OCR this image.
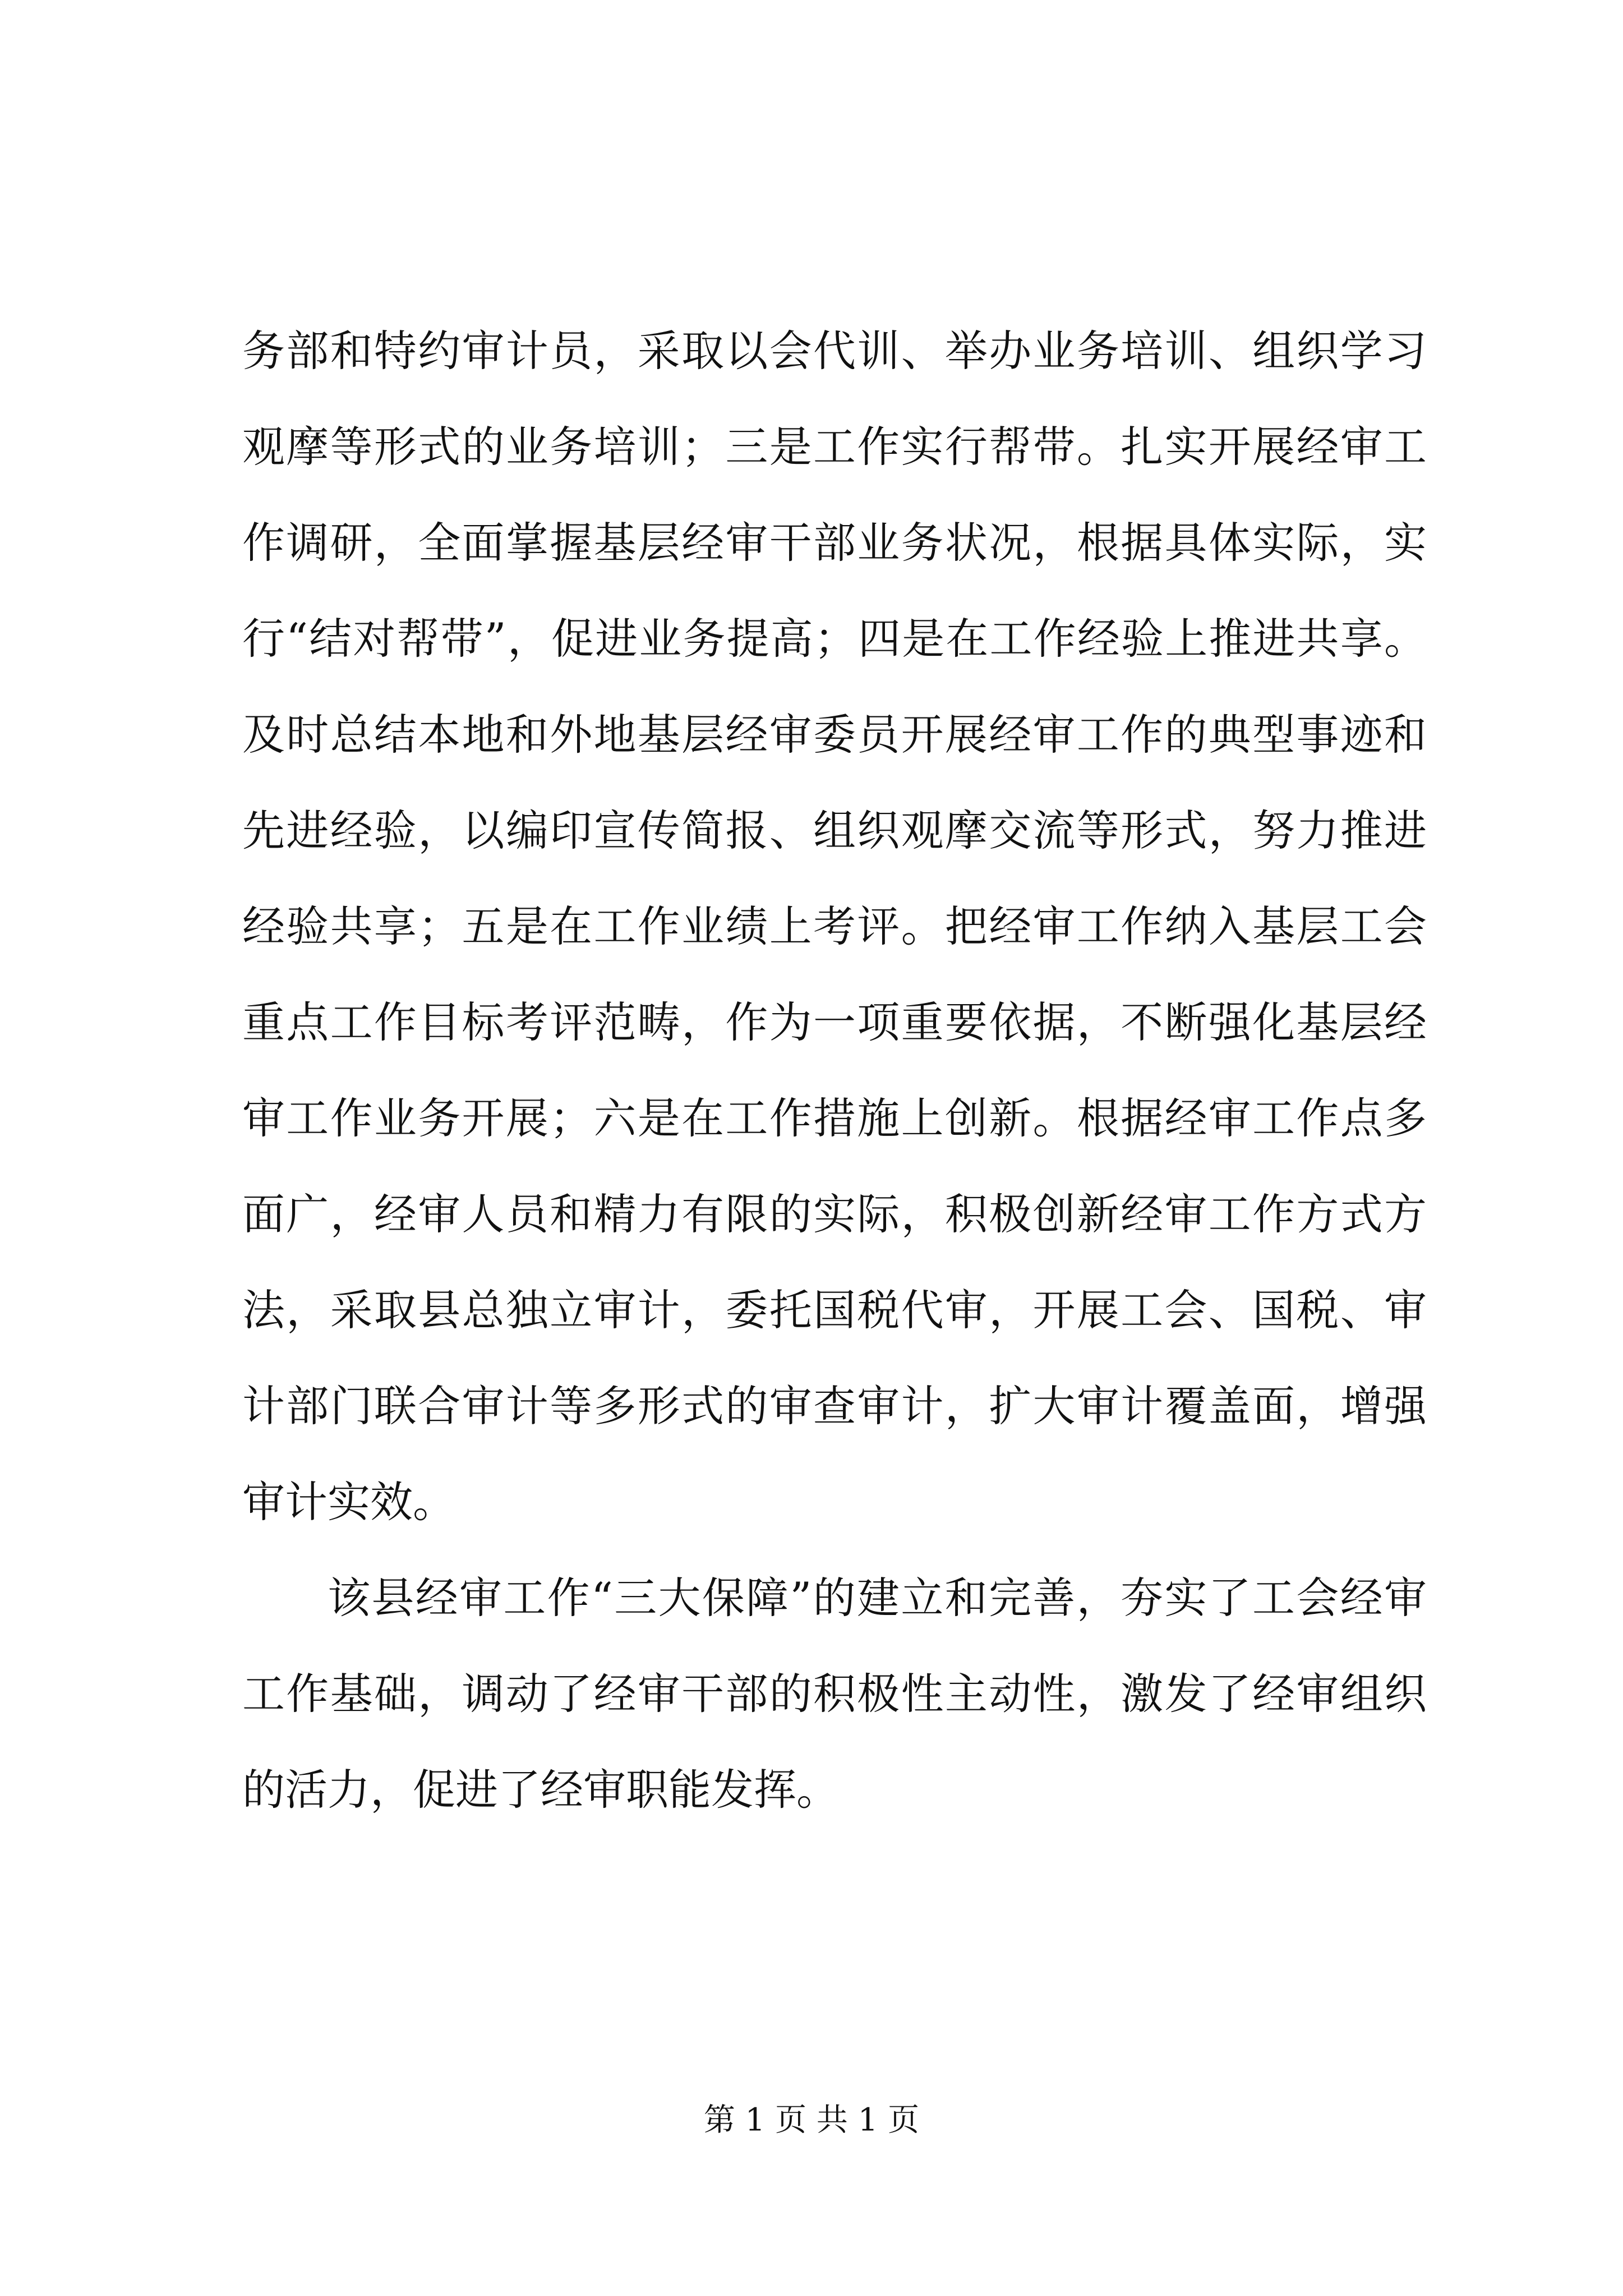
务部和特约审计员，采取以会代训、举办业务培训、组织学习观摩等形式的业务培训；三是工作实行帮带。扎实开展经审工作调研，全面掌握基层经审干部业务状况，根据具体实际，实行“结对帮带”，促进业务提高；四是在工作经验上推进共享。及时总结本地和外地基层经审委员开展经审工作的典型事迹和先进经验，以编印宣传简报、组织观摩交流等形式，努力推进经验共享；五是在工作业绩上考评。把经审工作纳入基层工会重点工作目标考评范畴，作为一项重要依据，不断强化基层经审工作业务开展；六是在工作措施上创新。根据经审工作点多面广，经审人员和精力有限的实际，积极创新经审工作方式方法，采取县总独立审计，委托国税代审，开展工会、国税、审计部门联合审计等多形式的审查审计，扩大审计覆盖面，增强审计实效。

该县经审工作“三大保障”的建立和完善，夯实了工会经审工作基础，调动了经审干部的积极性主动性，激发了经审组织的活力，促进了经审职能发挥。

第 1 页 共 1 页
